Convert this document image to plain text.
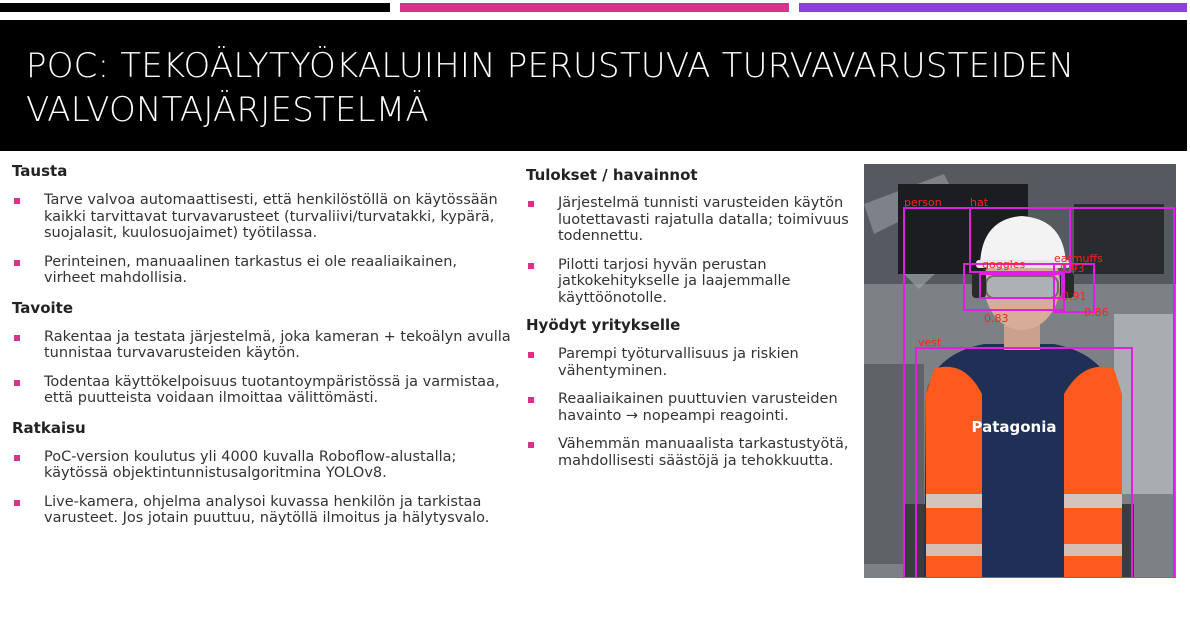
POC: TEKOÄLYTYÖKALUIHIN PERUSTUVA TURVAVARUSTEIDEN
VALVONTAJÄRJESTELMÄ
Tausta
Tarve valvoa automaattisesti, että henkilöstöllä on käytössään kaikki tarvittavat turvavarusteet (turvaliivi/turvatakki, kypärä, suojalasit, kuulosuojaimet) työtilassa.
Perinteinen, manuaalinen tarkastus ei ole reaaliaikainen, virheet mahdollisia.
Tavoite
Rakentaa ja testata järjestelmä, joka kameran + tekoälyn avulla tunnistaa turvavarusteiden käytön.
Todentaa käyttökelpoisuus tuotantoympäristössä ja varmistaa, että puutteista voidaan ilmoittaa välittömästi.
Ratkaisu
PoC-version koulutus yli 4000 kuvalla Roboflow-alustalla; käytössä objektintunnistusalgoritmina YOLOv8.
Live-kamera, ohjelma analysoi kuvassa henkilön ja tarkistaa varusteet. Jos jotain puuttuu, näytöllä ilmoitus ja hälytysvalo.
Tulokset / havainnot
Järjestelmä tunnisti varusteiden käytön luotettavasti rajatulla datalla; toimivuus todennettu.
Pilotti tarjosi hyvän perustan jatkokehitykselle ja laajemmalle käyttöönotolle.
Hyödyt yritykselle
Parempi työturvallisuus ja riskien vähentyminen.
Reaaliaikainen puuttuvien varusteiden havainto → nopeampi reagointi.
Vähemmän manuaalista tarkastustyötä, mahdollisesti säästöjä ja tehokkuutta.
Patagonia
person	hat
goggles	earmuffs
0.93
0.91
0.83	0.86
vest
